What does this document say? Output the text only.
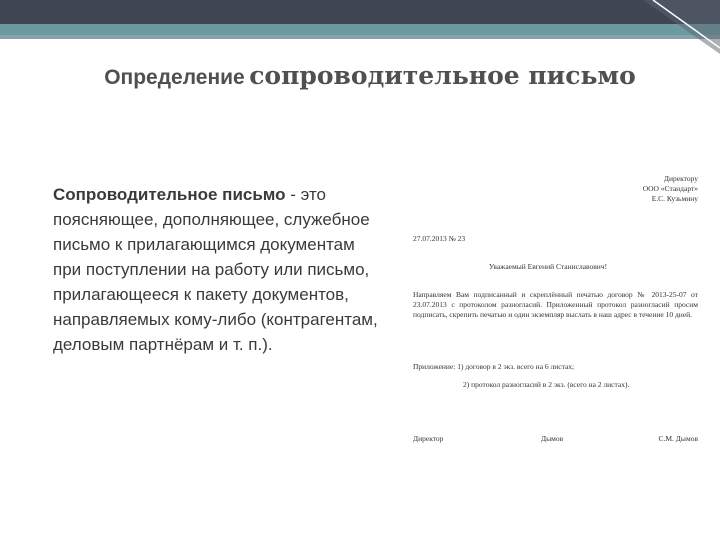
Определение сопроводительное письмо
Сопроводительное письмо - это поясняющее, дополняющее, служебное письмо к прилагающимся документам при поступлении на работу или письмо, прилагающееся к пакету документов, направляемых кому-либо (контрагентам, деловым партнёрам и т. п.).
Директору
ООО «Стандарт»
Е.С. Кузьмину
27.07.2013 № 23
Уважаемый Евгений Станиславович!
Направляем Вам подписанный и скреплённый печатью договор № 2013-25-07 от 23.07.2013 с протоколом разногласий. Приложенный протокол разногласий просим подписать, скрепить печатью и один экземпляр выслать в наш адрес в течение 10 дней.
Приложение: 1) договор в 2 экз. всего на 6 листах;
2) протокол разногласий в 2 экз. (всего на 2 листах).
Директор	Дымов	С.М. Дымов
